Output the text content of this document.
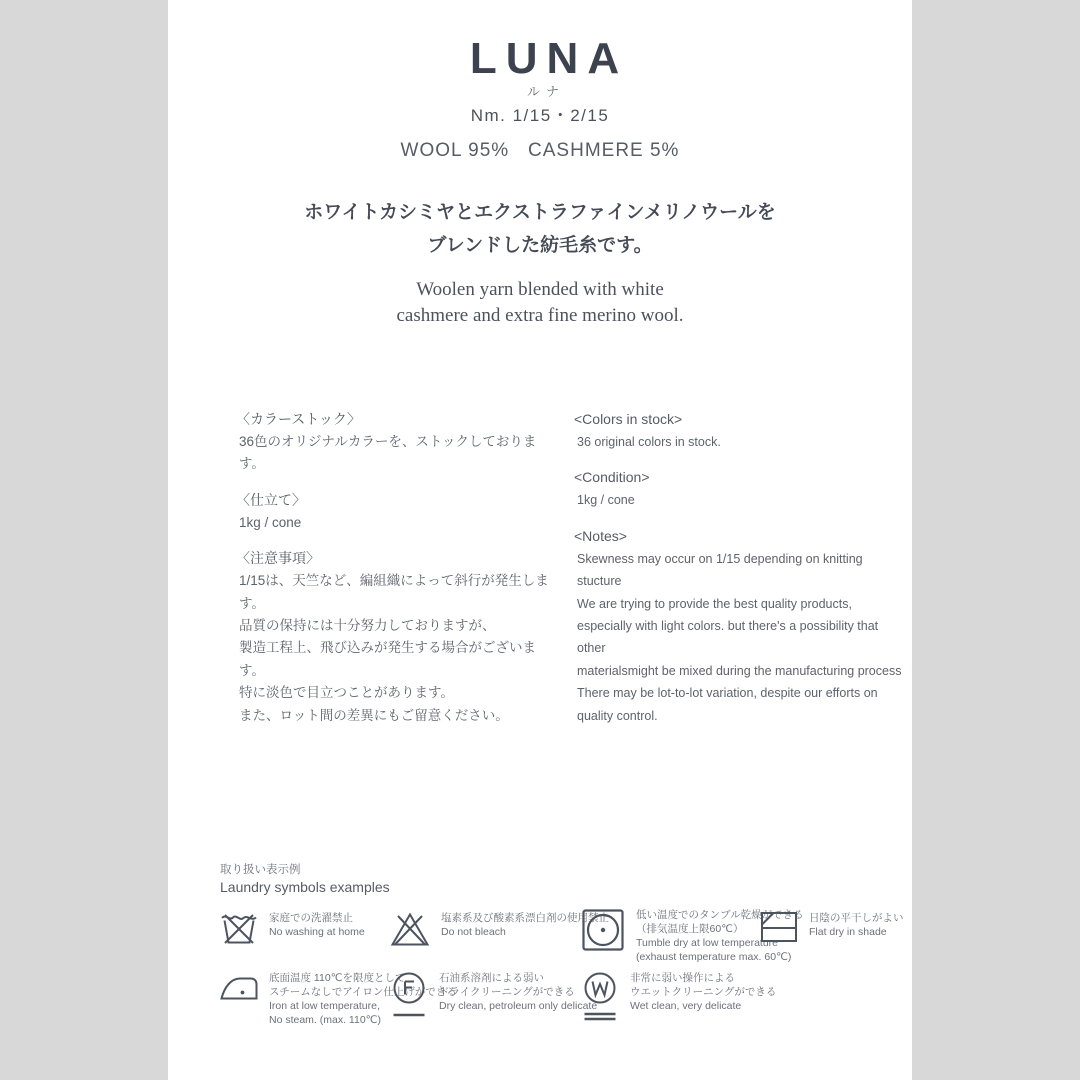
LUNA
ルナ
Nm. 1/15・2/15
WOOL 95%   CASHMERE 5%
ホワイトカシミヤとエクストラファインメリノウールを
ブレンドした紡毛糸です。
Woolen yarn blended with white
cashmere and extra fine merino wool.
〈カラーストック〉
36色のオリジナルカラーを、ストックしております。
〈仕立て〉
1kg / cone
〈注意事項〉
1/15は、天竺など、編組織によって斜行が発生します。
品質の保持には十分努力しておりますが、
製造工程上、飛び込みが発生する場合がございます。
特に淡色で目立つことがあります。
また、ロット間の差異にもご留意ください。
<Colors in stock>
36 original colors in stock.
<Condition>
1kg / cone
<Notes>
Skewness may occur on 1/15 depending on knitting stucture
We are trying to provide the best quality products,
especially with light colors. but there's a possibility that other
materialsmight be mixed during the manufacturing process
There may be lot-to-lot variation, despite our efforts on quality control.
取り扱い表示例
Laundry symbols examples
家庭での洗濯禁止
No washing at home
塩素系及び酸素系漂白剤の使用禁止
Do not bleach
低い温度でのタンブル乾燥ができる
（排気温度上限60℃）
Tumble dry at low temperature
(exhaust temperature max. 60℃)
日陰の平干しがよい
Flat dry in shade
底面温度 110℃を限度として
スチームなしでアイロン仕上げができる
Iron at low temperature,
No steam. (max. 110℃)
石油系溶剤による弱い
ドライクリーニングができる
Dry clean, petroleum only delicate
非常に弱い操作による
ウエットクリーニングができる
Wet clean, very delicate
